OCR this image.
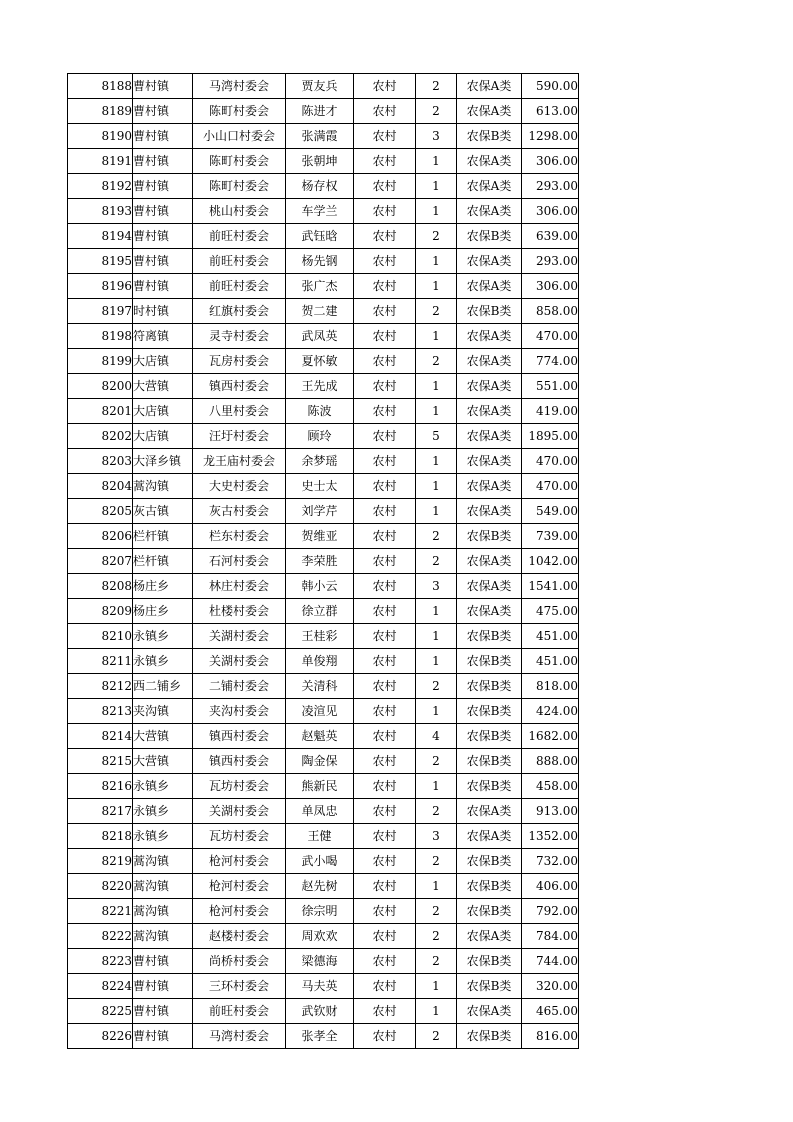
8188	曹村镇	马湾村委会	贾友兵	农村	2	农保A类	590.00
8189	曹村镇	陈町村委会	陈进才	农村	2	农保A类	613.00
8190	曹村镇	小山口村委会	张满霞	农村	3	农保B类	1298.00
8191	曹村镇	陈町村委会	张朝坤	农村	1	农保A类	306.00
8192	曹村镇	陈町村委会	杨存权	农村	1	农保A类	293.00
8193	曹村镇	桃山村委会	车学兰	农村	1	农保A类	306.00
8194	曹村镇	前旺村委会	武钰晗	农村	2	农保B类	639.00
8195	曹村镇	前旺村委会	杨先钢	农村	1	农保A类	293.00
8196	曹村镇	前旺村委会	张广杰	农村	1	农保A类	306.00
8197	时村镇	红旗村委会	贺二建	农村	2	农保B类	858.00
8198	符离镇	灵寺村委会	武凤英	农村	1	农保A类	470.00
8199	大店镇	瓦房村委会	夏怀敏	农村	2	农保A类	774.00
8200	大营镇	镇西村委会	王先成	农村	1	农保A类	551.00
8201	大店镇	八里村委会	陈波	农村	1	农保A类	419.00
8202	大店镇	汪圩村委会	顾玲	农村	5	农保A类	1895.00
8203	大泽乡镇	龙王庙村委会	余梦瑶	农村	1	农保A类	470.00
8204	蒿沟镇	大史村委会	史士太	农村	1	农保A类	470.00
8205	灰古镇	灰古村委会	刘学芹	农村	1	农保A类	549.00
8206	栏杆镇	栏东村委会	贺维亚	农村	2	农保B类	739.00
8207	栏杆镇	石河村委会	李荣胜	农村	2	农保A类	1042.00
8208	杨庄乡	林庄村委会	韩小云	农村	3	农保A类	1541.00
8209	杨庄乡	杜楼村委会	徐立群	农村	1	农保A类	475.00
8210	永镇乡	关湖村委会	王桂彩	农村	1	农保B类	451.00
8211	永镇乡	关湖村委会	单俊翔	农村	1	农保B类	451.00
8212	西二铺乡	二铺村委会	关清科	农村	2	农保B类	818.00
8213	夹沟镇	夹沟村委会	凌渲见	农村	1	农保B类	424.00
8214	大营镇	镇西村委会	赵魁英	农村	4	农保B类	1682.00
8215	大营镇	镇西村委会	陶金保	农村	2	农保B类	888.00
8216	永镇乡	瓦坊村委会	熊新民	农村	1	农保B类	458.00
8217	永镇乡	关湖村委会	单凤忠	农村	2	农保A类	913.00
8218	永镇乡	瓦坊村委会	王健	农村	3	农保A类	1352.00
8219	蒿沟镇	枪河村委会	武小喝	农村	2	农保B类	732.00
8220	蒿沟镇	枪河村委会	赵先树	农村	1	农保B类	406.00
8221	蒿沟镇	枪河村委会	徐宗明	农村	2	农保B类	792.00
8222	蒿沟镇	赵楼村委会	周欢欢	农村	2	农保A类	784.00
8223	曹村镇	尚桥村委会	梁德海	农村	2	农保B类	744.00
8224	曹村镇	三环村委会	马夫英	农村	1	农保B类	320.00
8225	曹村镇	前旺村委会	武钦财	农村	1	农保A类	465.00
8226	曹村镇	马湾村委会	张孝全	农村	2	农保B类	816.00
